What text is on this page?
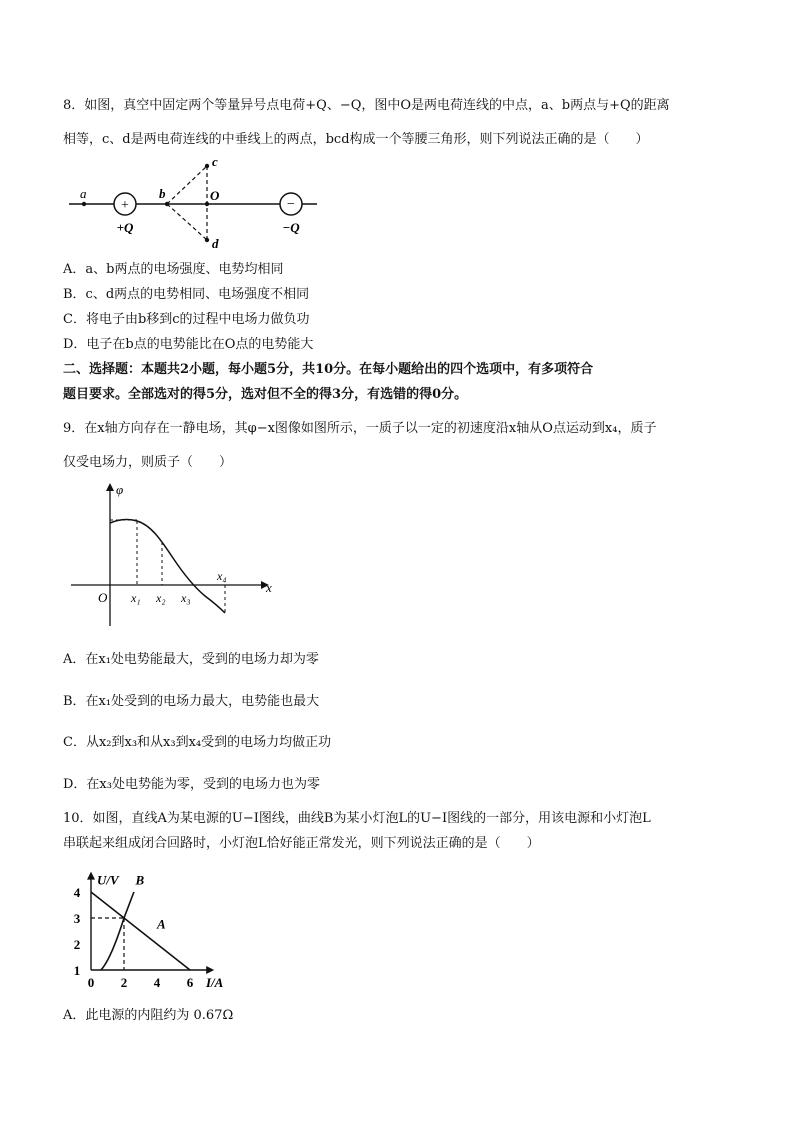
8．如图，真空中固定两个等量异号点电荷+Q、−Q，图中O是两电荷连线的中点，a、b两点与+Q的距离
相等，c、d是两电荷连线的中垂线上的两点，bcd构成一个等腰三角形，则下列说法正确的是（　　）
+	−
a	b
c
O
d
+Q	−Q
A．a、b两点的电场强度、电势均相同
B．c、d两点的电势相同、电场强度不相同
C．将电子由b移到c的过程中电场力做负功
D．电子在b点的电势能比在O点的电势能大
二、选择题：本题共2小题，每小题5分，共10分。在每小题给出的四个选项中，有多项符合
题目要求。全部选对的得5分，选对但不全的得3分，有选错的得0分。
9．在x轴方向存在一静电场，其φ−x图像如图所示，一质子以一定的初速度沿x轴从O点运动到x₄，质子
仅受电场力，则质子（　　）
φ
x
O x₁ x₂ x₃
x₄
A．在x₁处电势能最大，受到的电场力却为零
B．在x₁处受到的电场力最大，电势能也最大
C．从x₂到x₃和从x₃到x₄受到的电场力均做正功
D．在x₃处电势能为零，受到的电场力也为零
10．如图，直线A为某电源的U−I图线，曲线B为某小灯泡L的U−I图线的一部分，用该电源和小灯泡L
串联起来组成闭合回路时，小灯泡L恰好能正常发光，则下列说法正确的是（　　）
0 2 4 6
1
2
3
4
U/V
I/A
B
A
A．此电源的内阻约为 0.67Ω
